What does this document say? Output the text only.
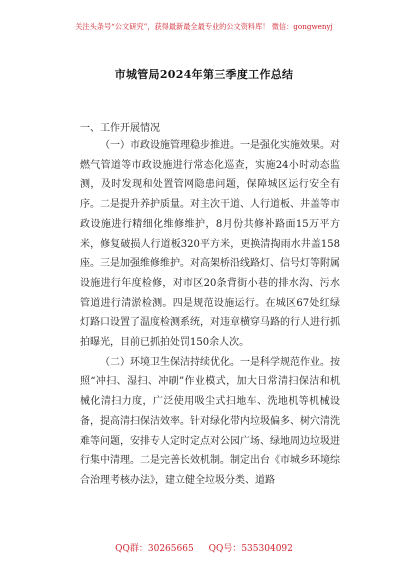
关注头条号“公文研究”，获得最新最全最专业的公文资料库！ 微信：gongwenyj
市城管局2024年第三季度工作总结
一、工作开展情况

（一）市政设施管理稳步推进。一是强化实施效果。对燃气管道等市政设施进行常态化巡查，实施24小时动态监测，及时发现和处置管网隐患问题，保障城区运行安全有序。二是提升养护质量。对主次干道、人行道板、井盖等市政设施进行精细化维修维护，8月份共修补路面15万平方米，修复破损人行道板320平方米，更换清掏雨水井盖158座。三是加强维修维护。对高架桥沿线路灯、信号灯等附属设施进行年度检修，对市区20条背街小巷的排水沟、污水管道进行清淤检测。四是规范设施运行。在城区67处红绿灯路口设置了温度检测系统，对违章横穿马路的行人进行抓拍曝光，目前已抓拍处罚150余人次。

（二）环境卫生保洁持续优化。一是科学规范作业。按照“冲扫、湿扫、冲刷”作业模式，加大日常清扫保洁和机械化清扫力度，广泛使用吸尘式扫地车、洗地机等机械设备，提高清扫保洁效率。针对绿化带内垃圾偏多、树穴清洗难等问题，安排专人定时定点对公园广场、绿地周边垃圾进行集中清理。二是完善长效机制。制定出台《市城乡环境综合治理考核办法》，建立健全垃圾分类、道路

QQ群：30265665 QQ号：535304092
